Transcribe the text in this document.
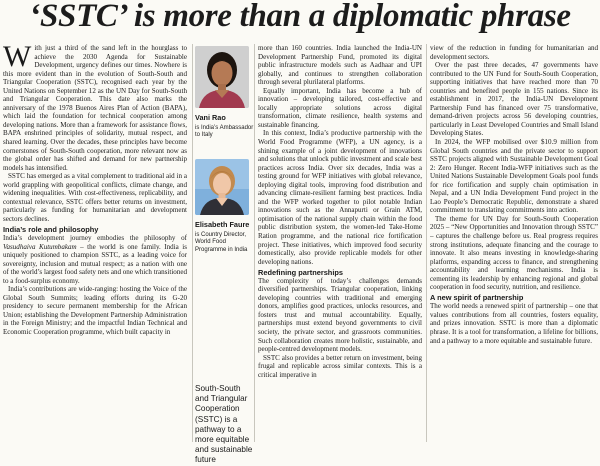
‘SSTC’ is more than a diplomatic phrase

With just a third of the sand left in the hourglass to achieve the 2030 Agenda for Sustainable Development, urgency defines our times. Nowhere is this more evident than in the evolution of South-South and Triangular Cooperation (SSTC), recognised each year by the United Nations on September 12 as the UN Day for South-South and Triangular Cooperation. This date also marks the anniversary of the 1978 Buenos Aires Plan of Action (BAPA), which laid the foundation for technical cooperation among developing nations. More than a framework for assistance flows, BAPA enshrined principles of solidarity, mutual respect, and shared learning. Over the decades, these principles have become cornerstones of South-South cooperation, more relevant now as the global order has shifted and demand for new partnership models has intensified.

SSTC has emerged as a vital complement to traditional aid in a world grappling with geopolitical conflicts, climate change, and widening inequalities. With cost-effectiveness, replicability, and contextual relevance, SSTC offers better returns on investment, particularly as funding for humanitarian and development sectors declines.

India’s role and philosophy

India’s development journey embodies the philosophy of Vasudhaiva Kutumbakam – the world is one family. India is uniquely positioned to champion SSTC, as a leading voice for sovereignty, inclusion and mutual respect; as a nation with one of the world’s largest food safety nets and one which transitioned to a food-surplus economy.

India’s contributions are wide-ranging: hosting the Voice of the Global South Summits; leading efforts during its G-20 presidency to secure permanent membership for the African Union; establishing the Development Partnership Administration in the Foreign Ministry; and the impactful Indian Technical and Economic Cooperation programme, which built capacity in

Vani Rao
is India’s Ambassador to Italy
Elisabeth Faure
is Country Director, World Food Programme in India
South-South and Triangular Cooperation (SSTC) is a pathway to a more equitable and sustainable future

more than 160 countries. India launched the India-UN Development Partnership Fund, promoted its digital public infrastructure models such as Aadhaar and UPI globally, and continues to strengthen collaboration through several plurilateral platforms.

Equally important, India has become a hub of innovation – developing tailored, cost-effective and locally appropriate solutions across digital transformation, climate resilience, health systems and sustainable financing.

In this context, India’s productive partnership with the World Food Programme (WFP), a UN agency, is a shining example of a joint development of innovations and solutions that unlock public investment and scale best practices across India. Over six decades, India was a testing ground for WFP initiatives with global relevance, deploying digital tools, improving food distribution and advancing climate-resilient farming best practices. India and the WFP worked together to pilot notable Indian innovations such as the Annapurti or Grain ATM, optimisation of the national supply chain within the food public distribution system, the women-led Take-Home Ration programme, and the national rice fortification project. These initiatives, which improved food security domestically, also provide replicable models for other developing nations.

Redefining partnerships

The complexity of today’s challenges demands diversified partnerships. Triangular cooperation, linking developing countries with traditional and emerging donors, amplifies good practices, unlocks resources, and fosters trust and mutual accountability. Equally, partnerships must extend beyond governments to civil society, the private sector, and grassroots communities. Such collaboration creates more holistic, sustainable, and people-centred development models.

SSTC also provides a better return on investment, being frugal and replicable across similar contexts. This is a critical imperative in

view of the reduction in funding for humanitarian and development sectors.

Over the past three decades, 47 governments have contributed to the UN Fund for South-South Cooperation, supporting initiatives that have reached more than 70 countries and benefited people in 155 nations. Since its establishment in 2017, the India-UN Development Partnership Fund has financed over 75 transformative, demand-driven projects across 56 developing countries, particularly in Least Developed Countries and Small Island Developing States.

In 2024, the WFP mobilised over $10.9 million from Global South countries and the private sector to support SSTC projects aligned with Sustainable Development Goal 2: Zero Hunger. Recent India-WFP initiatives such as the United Nations Sustainable Development Goals pool funds for rice fortification and supply chain optimisation in Nepal, and a UN India Development Fund project in the Lao People’s Democratic Republic, demonstrate a shared commitment to translating commitments into action.

The theme for UN Day for South-South Cooperation 2025 – “New Opportunities and Innovation through SSTC” – captures the challenge before us. Real progress requires strong institutions, adequate financing and the courage to innovate. It also means investing in knowledge-sharing platforms, expanding access to finance, and strengthening accountability and learning mechanisms. India is cementing its leadership by enhancing regional and global cooperation in food security, nutrition, and resilience.

A new spirit of partnership

The world needs a renewed spirit of partnership – one that values contributions from all countries, fosters equality, and prizes innovation. SSTC is more than a diplomatic phrase. It is a tool for transformation, a lifeline for billions, and a pathway to a more equitable and sustainable future.
